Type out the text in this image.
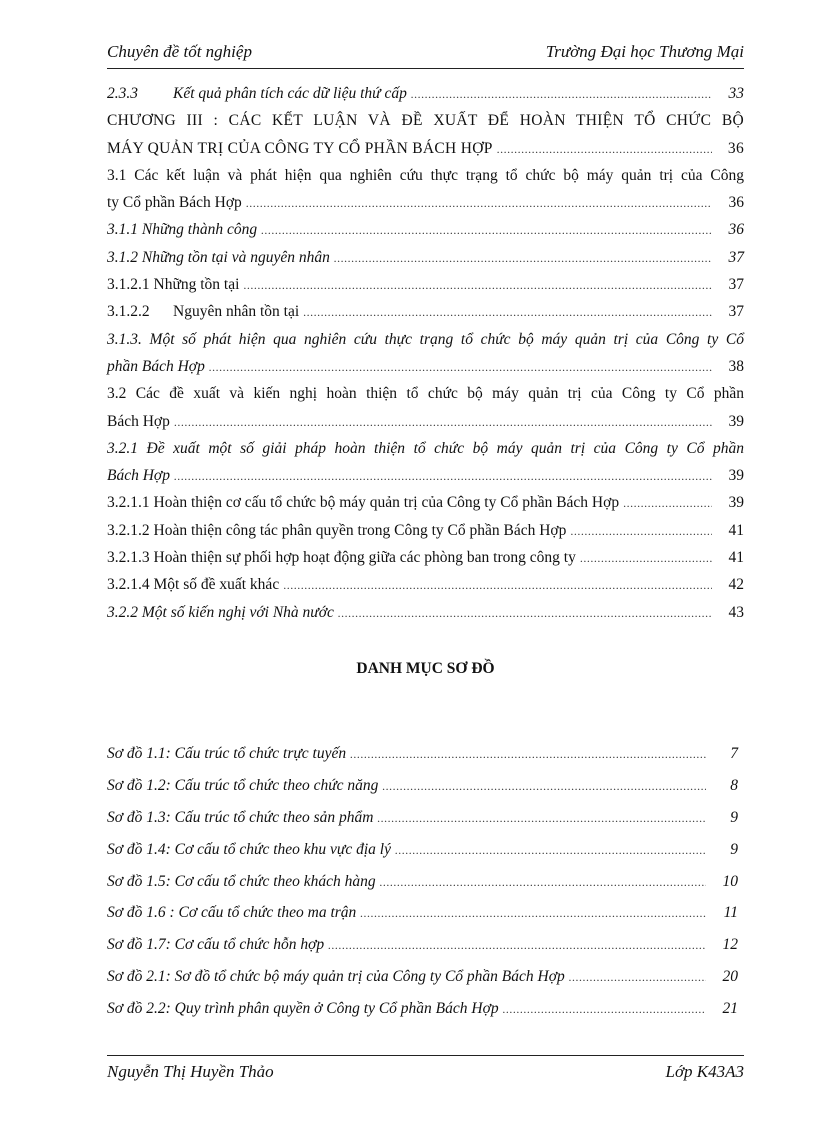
Chuyên đề tốt nghiệp	Trường Đại học Thương Mại
2.3.3	Kết quả phân tích các dữ liệu thứ cấp .....	33
CHƯƠNG III : CÁC KẾT LUẬN VÀ ĐỀ XUẤT ĐỂ HOÀN THIỆN TỔ CHỨC BỘ
MÁY QUẢN TRỊ CỦA CÔNG TY CỔ PHẦN BÁCH HỢP .....	36
3.1 Các kết luận và phát hiện qua nghiên cứu thực trạng tổ chức bộ máy quản trị của Công
ty Cổ phần Bách Hợp .....	36
3.1.1 Những thành công .....	36
3.1.2 Những tồn tại và nguyên nhân .....	37
3.1.2.1 Những tồn tại .....	37
3.1.2.2	Nguyên nhân tồn tại .....	37
3.1.3. Một số phát hiện qua nghiên cứu thực trạng tổ chức bộ máy quản trị của Công ty Cổ
phần Bách Hợp .....	38
3.2 Các đề xuất và kiến nghị hoàn thiện tổ chức bộ máy quản trị của Công ty Cổ phần
Bách Hợp .....	39
3.2.1 Đề xuất một số giải pháp hoàn thiện tổ chức bộ máy quản trị của Công ty Cổ phần
Bách Hợp .....	39
3.2.1.1 Hoàn thiện cơ cấu tổ chức bộ máy quản trị của Công ty Cổ phần Bách Hợp .....	39
3.2.1.2 Hoàn thiện công tác phân quyền trong Công ty Cổ phần Bách Hợp .....	41
3.2.1.3 Hoàn thiện sự phối hợp hoạt động giữa các phòng ban trong công ty .....	41
3.2.1.4 Một số đề xuất khác .....	42
3.2.2 Một số kiến nghị với Nhà nước .....	43
DANH MỤC SƠ ĐỒ
Sơ đồ 1.1: Cấu trúc tổ chức trực tuyến .....	7
Sơ đồ 1.2: Cấu trúc tổ chức theo chức năng .....	8
Sơ đồ 1.3: Cấu trúc tổ chức theo sản phẩm .....	9
Sơ đồ 1.4: Cơ cấu tổ chức theo khu vực địa lý .....	9
Sơ đồ 1.5: Cơ cấu tổ chức theo khách hàng .....	10
Sơ đồ 1.6 : Cơ cấu tổ chức theo ma trận .....	11
Sơ đồ 1.7: Cơ cấu tổ chức hỗn hợp .....	12
Sơ đồ 2.1: Sơ đồ tổ chức bộ máy quản trị của Công ty Cổ phần Bách Hợp .....	20
Sơ đồ 2.2: Quy trình phân quyền ở Công ty Cổ phần Bách Hợp .....	21
Nguyễn Thị Huyền Thảo	Lớp K43A3
